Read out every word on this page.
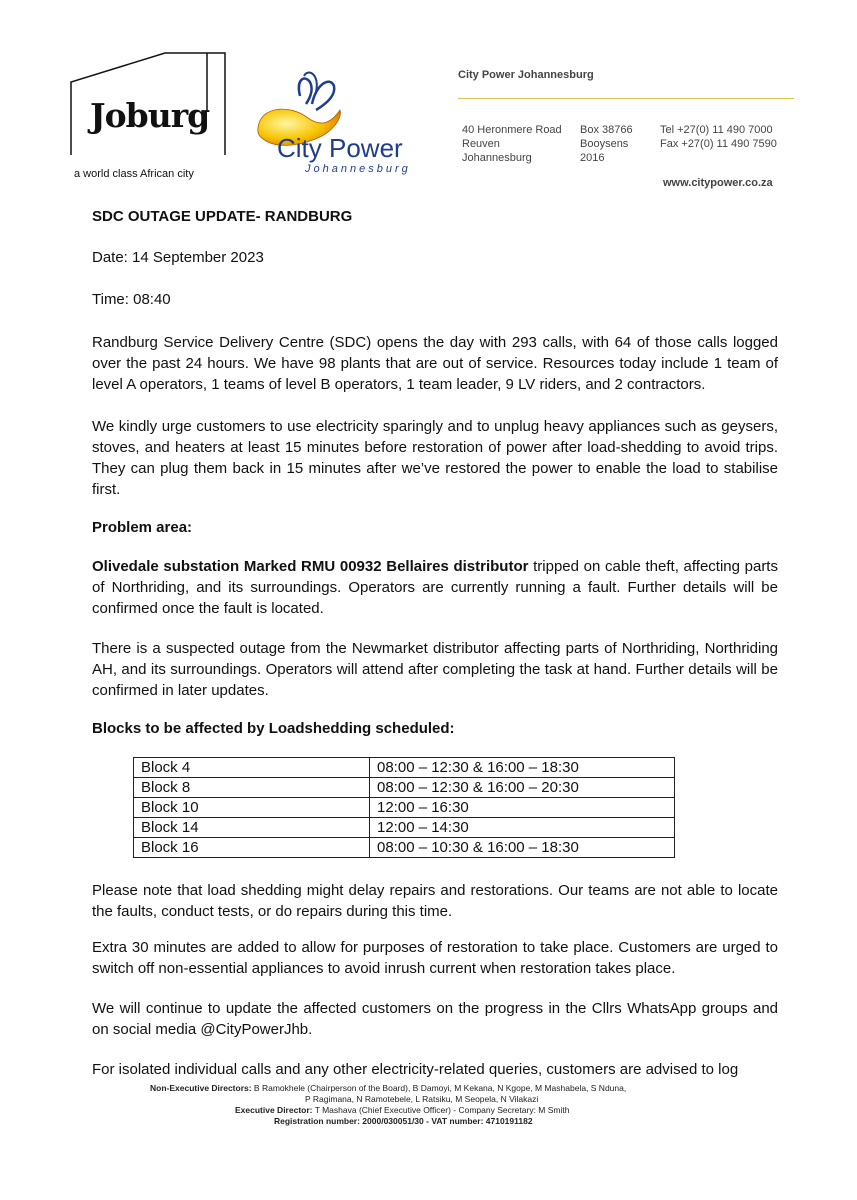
Joburg
a world class African city
City Power
Johannesburg
City Power Johannesburg
40 Heronmere Road
Reuven
Johannesburg
Box 38766
Booysens
2016
Tel +27(0) 11 490 7000
Fax +27(0) 11 490 7590
www.citypower.co.za
SDC OUTAGE UPDATE- RANDBURG
Date: 14 September 2023
Time: 08:40
Randburg Service Delivery Centre (SDC) opens the day with 293 calls, with 64 of those calls logged over the past 24 hours. We have 98 plants that are out of service. Resources today include 1 team of level A operators, 1 teams of level B operators, 1 team leader, 9 LV riders, and 2 contractors.
We kindly urge customers to use electricity sparingly and to unplug heavy appliances such as geysers, stoves, and heaters at least 15 minutes before restoration of power after load-shedding to avoid trips. They can plug them back in 15 minutes after we’ve restored the power to enable the load to stabilise first.
Problem area:
Olivedale substation Marked RMU 00932 Bellaires distributor tripped on cable theft, affecting parts of Northriding, and its surroundings. Operators are currently running a fault. Further details will be confirmed once the fault is located.
There is a suspected outage from the Newmarket distributor affecting parts of Northriding, Northriding AH, and its surroundings. Operators will attend after completing the task at hand. Further details will be confirmed in later updates.
Blocks to be affected by Loadshedding scheduled:
Block 4	08:00 – 12:30 & 16:00 – 18:30
Block 8	08:00 – 12:30 & 16:00 – 20:30
Block 10	12:00 – 16:30
Block 14	12:00 – 14:30
Block 16	08:00 – 10:30 & 16:00 – 18:30
Please note that load shedding might delay repairs and restorations. Our teams are not able to locate the faults, conduct tests, or do repairs during this time.
Extra 30 minutes are added to allow for purposes of restoration to take place. Customers are urged to switch off non-essential appliances to avoid inrush current when restoration takes place.
We will continue to update the affected customers on the progress in the Cllrs WhatsApp groups and on social media @CityPowerJhb.
For isolated individual calls and any other electricity-related queries, customers are advised to log
Non-Executive Directors: B Ramokhele (Chairperson of the Board), B Damoyi, M Kekana, N Kgope, M Mashabela, S Nduna,
P Ragimana, N Ramotebele, L Ratsiku, M Seopela, N Vilakazi
Executive Director: T Mashava (Chief Executive Officer) - Company Secretary: M Smith
Registration number: 2000/030051/30 - VAT number: 4710191182
